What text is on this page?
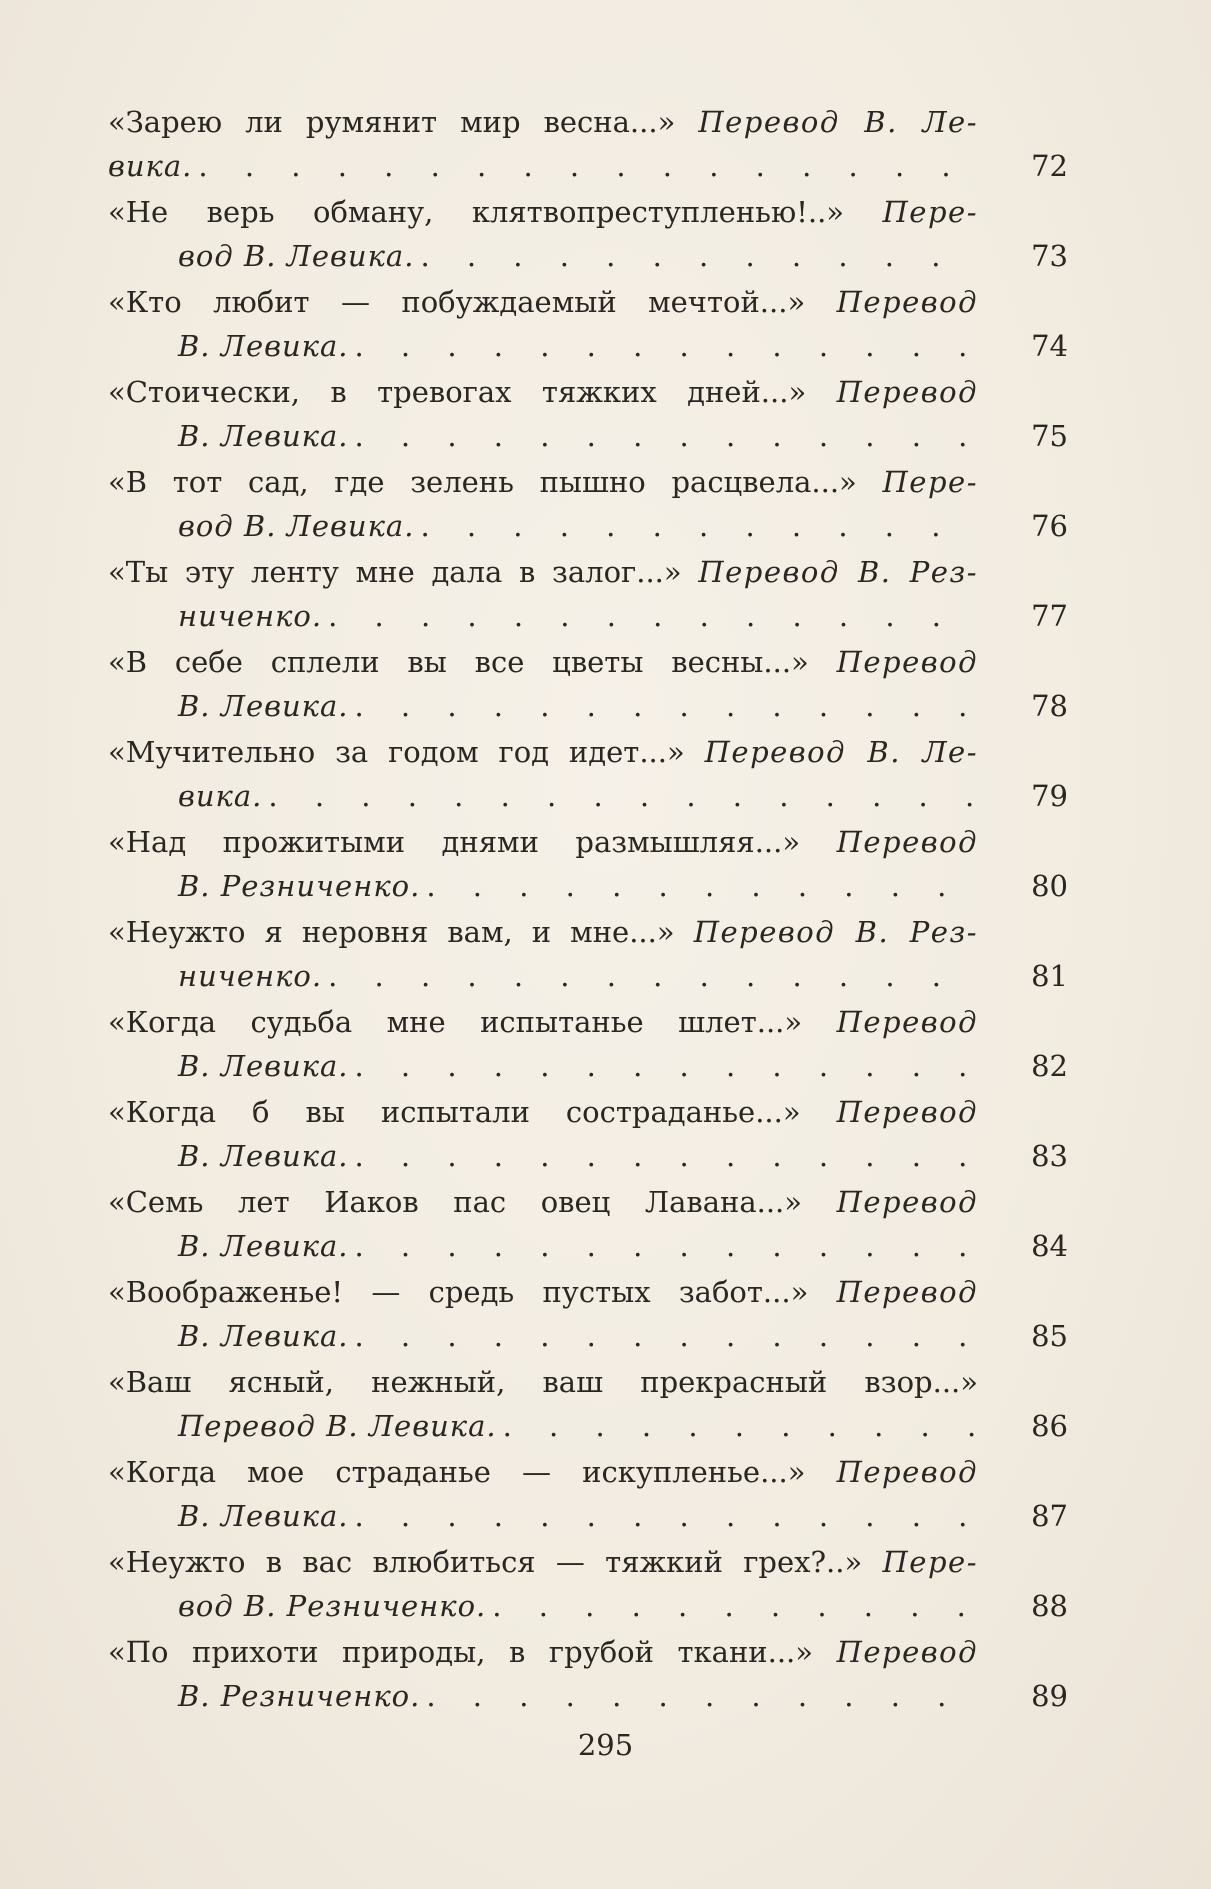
«Зарею ли румянит мир весна...» Перевод В. Ле-
вика. . . .	72
«Не верь обману, клятвопреступленью!..» Пере-
вод В. Левика. . . .	73
«Кто любит — побуждаемый мечтой...» Перевод
В. Левика. . . .	74
«Стоически, в тревогах тяжких дней...» Перевод
В. Левика. . . .	75
«В тот сад, где зелень пышно расцвела...» Пере-
вод В. Левика. . . .	76
«Ты эту ленту мне дала в залог...» Перевод В. Рез-
ниченко. . . .	77
«В себе сплели вы все цветы весны...» Перевод
В. Левика. . . .	78
«Мучительно за годом год идет...» Перевод В. Ле-
вика. . . .	79
«Над прожитыми днями размышляя...» Перевод
В. Резниченко. . . .	80
«Неужто я неровня вам, и мне...» Перевод В. Рез-
ниченко. . . .	81
«Когда судьба мне испытанье шлет...» Перевод
В. Левика. . . .	82
«Когда б вы испытали состраданье...» Перевод
В. Левика. . . .	83
«Семь лет Иаков пас овец Лавана...» Перевод
В. Левика. . . .	84
«Воображенье! — средь пустых забот...» Перевод
В. Левика. . . .	85
«Ваш ясный, нежный, ваш прекрасный взор...»
Перевод В. Левика. . . .	86
«Когда мое страданье — искупленье...» Перевод
В. Левика. . . .	87
«Неужто в вас влюбиться — тяжкий грех?..» Пере-
вод В. Резниченко. . . .	88
«По прихоти природы, в грубой ткани...» Перевод
В. Резниченко. . . .	89
295
